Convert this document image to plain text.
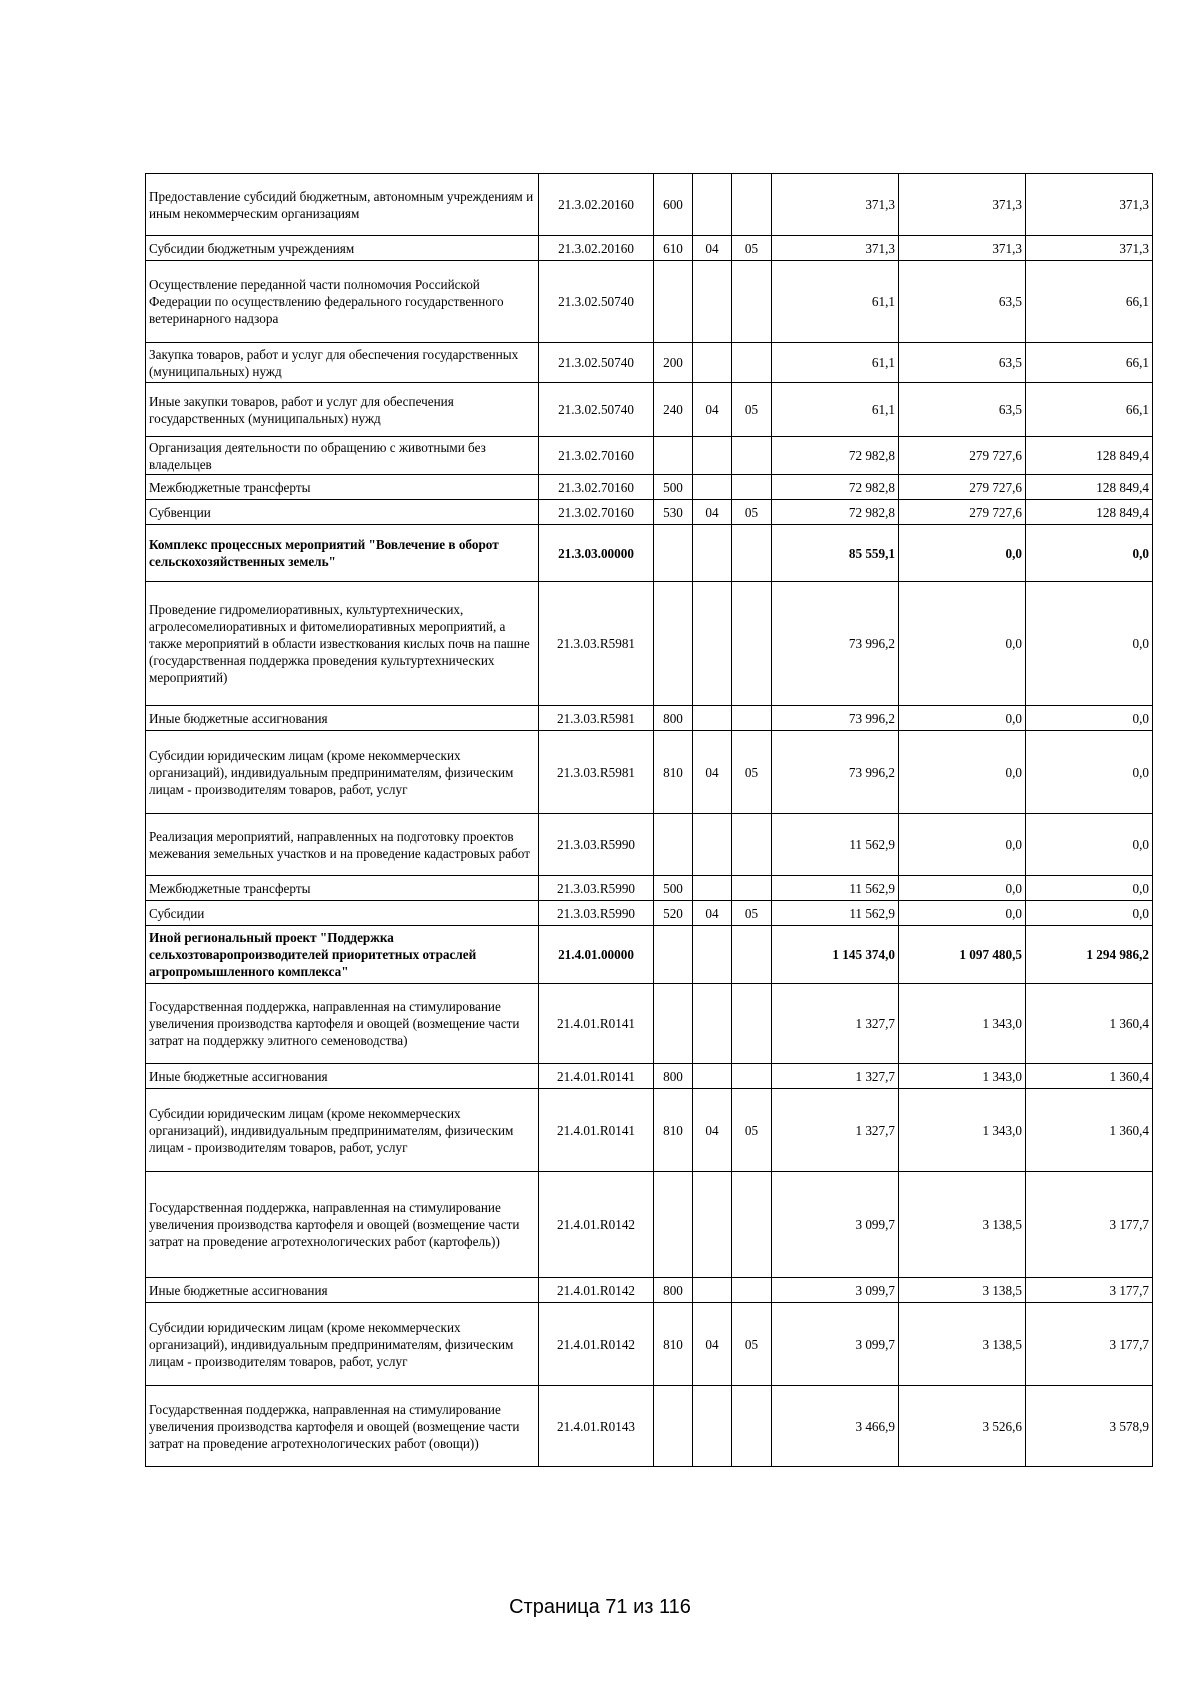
Предоставление субсидий бюджетным, автономным учреждениям и иным некоммерческим организациям	21.3.02.20160	600			371,3	371,3	371,3
Субсидии бюджетным учреждениям	21.3.02.20160	610	04	05	371,3	371,3	371,3
Осуществление переданной части полномочия Российской Федерации по осуществлению федерального государственного ветеринарного надзора	21.3.02.50740				61,1	63,5	66,1
Закупка товаров, работ и услуг для обеспечения государственных (муниципальных) нужд	21.3.02.50740	200			61,1	63,5	66,1
Иные закупки товаров, работ и услуг для обеспечения государственных (муниципальных) нужд	21.3.02.50740	240	04	05	61,1	63,5	66,1
Организация деятельности по обращению с животными без владельцев	21.3.02.70160				72 982,8	279 727,6	128 849,4
Межбюджетные трансферты	21.3.02.70160	500			72 982,8	279 727,6	128 849,4
Субвенции	21.3.02.70160	530	04	05	72 982,8	279 727,6	128 849,4
Комплекс процессных мероприятий "Вовлечение в оборот сельскохозяйственных земель"	21.3.03.00000				85 559,1	0,0	0,0
Проведение гидромелиоративных, культуртехнических, агролесомелиоративных и фитомелиоративных мероприятий, а также мероприятий в области известкования кислых почв на пашне (государственная поддержка проведения культуртехнических мероприятий)	21.3.03.R5981				73 996,2	0,0	0,0
Иные бюджетные ассигнования	21.3.03.R5981	800			73 996,2	0,0	0,0
Субсидии юридическим лицам (кроме некоммерческих организаций), индивидуальным предпринимателям, физическим лицам - производителям товаров, работ, услуг	21.3.03.R5981	810	04	05	73 996,2	0,0	0,0
Реализация мероприятий, направленных на подготовку проектов межевания земельных участков и на проведение кадастровых работ	21.3.03.R5990				11 562,9	0,0	0,0
Межбюджетные трансферты	21.3.03.R5990	500			11 562,9	0,0	0,0
Субсидии	21.3.03.R5990	520	04	05	11 562,9	0,0	0,0
Иной региональный проект "Поддержка сельхозтоваропроизводителей приоритетных отраслей агропромышленного комплекса"	21.4.01.00000				1 145 374,0	1 097 480,5	1 294 986,2
Государственная поддержка, направленная на стимулирование увеличения производства картофеля и овощей (возмещение части затрат на поддержку элитного семеноводства)	21.4.01.R0141				1 327,7	1 343,0	1 360,4
Иные бюджетные ассигнования	21.4.01.R0141	800			1 327,7	1 343,0	1 360,4
Субсидии юридическим лицам (кроме некоммерческих организаций), индивидуальным предпринимателям, физическим лицам - производителям товаров, работ, услуг	21.4.01.R0141	810	04	05	1 327,7	1 343,0	1 360,4
Государственная поддержка, направленная на стимулирование увеличения производства картофеля и овощей (возмещение части затрат на проведение агротехнологических работ (картофель))	21.4.01.R0142				3 099,7	3 138,5	3 177,7
Иные бюджетные ассигнования	21.4.01.R0142	800			3 099,7	3 138,5	3 177,7
Субсидии юридическим лицам (кроме некоммерческих организаций), индивидуальным предпринимателям, физическим лицам - производителям товаров, работ, услуг	21.4.01.R0142	810	04	05	3 099,7	3 138,5	3 177,7
Государственная поддержка, направленная на стимулирование увеличения производства картофеля и овощей (возмещение части затрат на проведение агротехнологических работ (овощи))	21.4.01.R0143				3 466,9	3 526,6	3 578,9
Страница 71 из 116
